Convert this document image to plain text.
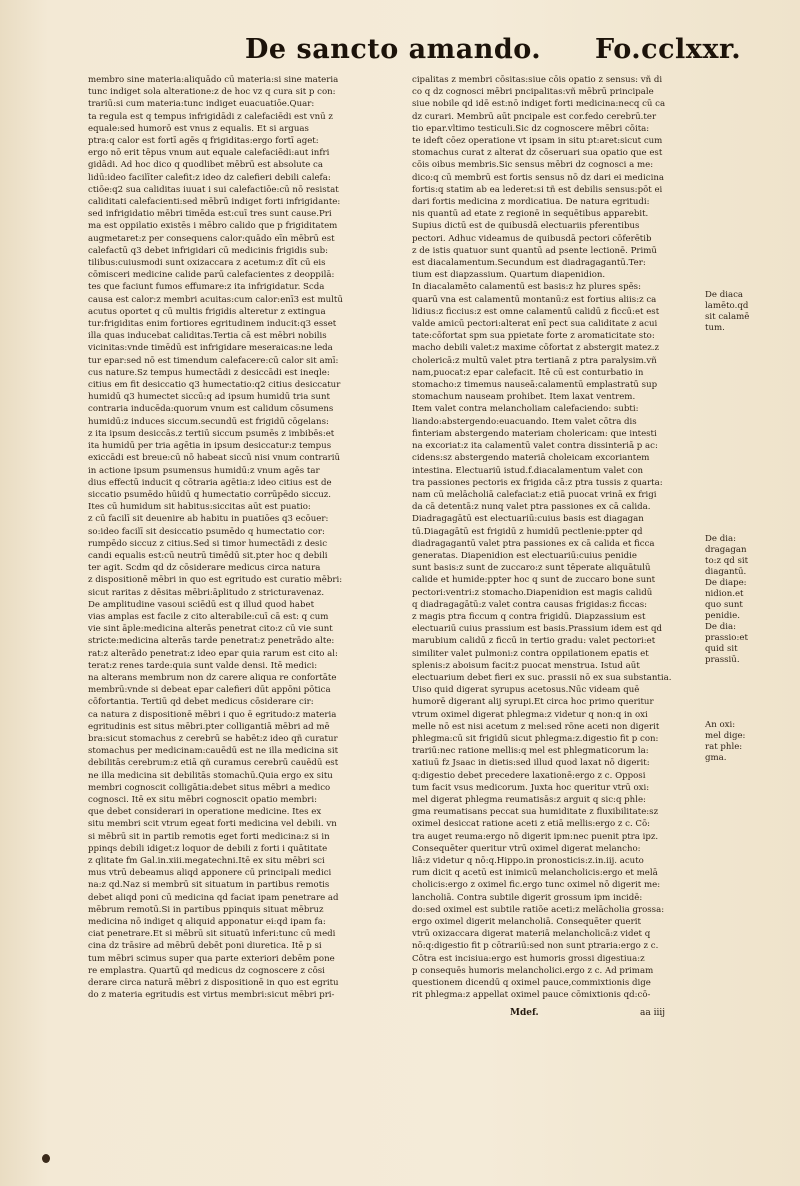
De sancto amando. Fo.cclxxr.
membro sine materia:aliquādo cū materia:si sine materia
tunc indiget sola alteratione:z de hoc vz q cura sit p con:
trariū:si cum materia:tunc indiget euacuatiōe.Quar:
ta regula est q tempus infrigidādi z calefaciēdi est vnū z
equale:sed humorō est vnus z equalis. Et si arguas
ptra:q calor est fortī agēs q frigiditas:ergo fortī aget:
ergo nō erit tēpus vnum aut equale calefaciēdi:aut infri
gidādi. Ad hoc dico q quodlibet mēbrū est absolute ca
lidū:ideo facilīter calefit:z ideo dz calefieri debili calefa:
ctiōe:q2 sua caliditas iuuat i sui calefactiōe:cū nō resistat
caliditati calefacienti:sed mēbrū indiget forti infrigidante:
sed infrigidatio mēbri timēda est:cuī tres sunt cause.Pri
ma est oppilatio existēs i mēbro calido que p frigiditatem
augmetaret:z per consequens calor:quādo eīn mēbrū est
calefactū q3 debet infrigidari cū medicinis frigidis sub:
tilibus:cuiusmodi sunt oxizaccara z acetum:z dīt cū eis
cōmisceri medicine calide parū calefacientes z deoppilā:
tes que faciunt fumos effumare:z ita infrigidatur. Scda
causa est calor:z membri acuitas:cum calor:enī3 est multū
acutus oportet q cū multis frigidis alteretur z extingua
tur:frigiditas enim fortiores egritudinem inducit:q3 esset
illa quas inducebat caliditas.Tertia cā est mēbri nobilis
vicinitas:vnde timēdū est infrigidare meseraicas:ne leda
tur epar:sed nō est timendum calefacere:cū calor sit amī:
cus nature.Sz tempus humectādi z desiccādi est ineqle:
citius em fit desiccatio q3 humectatio:q2 citius desiccatur
humidū q3 humectet siccū:q ad ipsum humidū tria sunt
contraria inducēda:quorum vnum est calidum cōsumens
humidū:z induces siccum.secundū est frigidū cōgelans:
z ita ipsum desiccās.z tertiū siccum psumēs z imbibēs:et
ita humidū per tria agētia in ipsum desiccatur:z tempus
exiccādi est breue:cū nō habeat siccū nisi vnum contrariū
in actione ipsum psumensus humidū:z vnum agēs tar
dius effectū inducit q cōtraria agētia:z ideo citius est de
siccatio psumēdo hūidū q humectatio corrūpēdo siccuz.
Ites cū humidum sit habitus:siccitas aūt est puatio:
z cū facilī sit deuenire ab habitu in puatiōes q3 ecōuer:
so:ideo facilī sit desiccatio psumēdo q humectatio cor:
rumpēdo siccuz z citius.Sed si timor humectādi z desic
candi equalis est:cū neutrū timēdū sit.pter hoc q debili
ter agit. Scdm qd dz cōsiderare medicus circa natura
z dispositionē mēbri in quo est egritudo est curatio mēbri:
sicut raritas z dēsitas mēbri:āplitudo z stricturavenaz.
De amplitudine vasoui sciēdū est q illud quod habet
vias amplas est facile z cito alterabile:cuī cā est: q cum
vie sint āple:medicina alterās penetrat cito:z cū vie sunt
stricte:medicina alterās tarde penetrat:z penetrādo alte:
rat:z alterādo penetrat:z ideo epar quia rarum est cito al:
terat:z renes tarde:quia sunt valde densi. Itē medici:
na alterans membrum non dz carere aliqua re confortāte
membrū:vnde si debeat epar calefieri dūt appōni pōtica
cōfortantia. Tertiū qd debet medicus cōsiderare cir:
ca natura z dispositionē mēbri i quo ē egritudo:z materia
egritudinis est situs mēbri.pter colligantiā mēbri ad mē
bra:sicut stomachus z cerebrū se habēt:z ideo qñ curatur
stomachus per medicinam:cauēdū est ne illa medicina sit
debilitās cerebrum:z etiā qñ curamus cerebrū cauēdū est
ne illa medicina sit debilitās stomachū.Quia ergo ex situ
membri cognoscit colligātia:debet situs mēbri a medico
cognosci. Itē ex situ mēbri cognoscit opatio membri:
que debet considerari in operatione medicine. Ites ex
situ membri scit vtrum egeat forti medicina vel debili. vn
si mēbrū sit in partib remotis eget forti medicina:z si in
ppinqs debili idiget:z loquor de debili z forti i quātitate
z qlitate fm Gal.in.xiii.megatechni.Itē ex situ mēbri sci
mus vtrū debeamus aliqd apponere cū principali medici
na:z qd.Naz si membrū sit situatum in partibus remotis
debet aliqd poni cū medicina qd faciat ipam penetrare ad
mēbrum remotū.Si in partibus ppinquis situat mēbruz
medicina nō indiget q aliquid apponatur ei:qd ipam fa:
ciat penetrare.Et si mēbrū sit situatū inferi:tunc cū medi
cina dz trāsire ad mēbrū debēt poni diuretica. Itē p si
tum mēbri scimus super qua parte exteriori debēm pone
re emplastra. Quartū qd medicus dz cognoscere z cōsi
derare circa naturā mēbri z dispositionē in quo est egritu
do z materia egritudis est virtus membri:sicut mēbri pri-
cipalitas z membri cōsitas:siue cōis opatio z sensus: vñ di
co q dz cognosci mēbri pncipalitas:vñ mēbrū principale
siue nobile qd idē est:nō indiget forti medicina:necq cū ca
dz curari. Membrū aūt pncipale est cor.fedo cerebrū.ter
tio epar.vltimo testiculi.Sic dz cognoscere mēbri cōita:
te ideft cōez operatione vt ipsam in situ pt:aret:sicut cum
stomachus curat z alterat dz cōseruari sua opatio que est
cōis oibus membris.Sic sensus mēbri dz cognosci a me:
dico:q cū membrū est fortis sensus nō dz dari ei medicina
fortis:q statim ab ea lederet:si tñ est debilis sensus:pōt ei
dari fortis medicina z mordicatiua. De natura egritudi:
nis quantū ad etate z regionē in sequētibus apparebit.
Supius dictū est de quibusdā electuariis pferentibus
pectori. Adhuc videamus de quibusdā pectori cōferētib
z de istis quatuor sunt quantū ad psente lectionē. Primū
est diacalamentum.Secundum est diadragagantū.Ter:
tium est diapzassium. Quartum diapenidion.
In diacalamēto calamentū est basis:z hz plures spēs:
quarū vna est calamentū montanū:z est fortius aliis:z ca
lidius:z ficcius:z est omne calamentū calidū z ficcū:et est
valde amicū pectori:alterat enī pect sua caliditate z acui
tate:cōfortat spm sua ppietate forte z aromaticitate sto:
macho debili valet:z maxime cōfortat z abstergit matez.z
cholericā:z multū valet ptra tertianā z ptra paralysim.vñ
nam,puocat:z epar calefacit. Itē cū est conturbatio in
stomacho:z timemus nauseā:calamentū emplastratū sup
stomachum nauseam prohibet. Item laxat ventrem.
Item valet contra melancholiam calefaciendo: subti:
liando:abstergendo:euacuando. Item valet cōtra dis
finteriam abstergendo materiam cholericam: que intesti
na excoriat:z ita calamentū valet contra dissinteriā p ac:
cidens:sz abstergendo materiā choleicam excoriantem
intestina. Electuariū istud.f.diacalamentum valet con
tra passiones pectoris ex frigida cā:z ptra tussis z quarta:
nam cū melācholiā calefaciat:z etiā puocat vrinā ex frigi
da cā detentā:z nunq valet ptra passiones ex cā calida.
Diadragagātū est electuariū:cuius basis est diagagan
tū.Diagagātū est frigidū z humidū pectlenie:ppter qd
diadragagantū valet ptra passiones ex cā calida et ficca
generatas. Diapenidion est electuariū:cuius penidie
sunt basis:z sunt de zuccaro:z sunt tēperate aliquātulū
calide et humide:ppter hoc q sunt de zuccaro bone sunt
pectori:ventri:z stomacho.Diapenidion est magis calidū
q diadragagātū:z valet contra causas frigidas:z ficcas:
z magis ptra ficcum q contra frigidū. Diapzassium est
electuariū cuius prassium est basis.Prassium idem est qd
marubium calidū z ficcū in tertio gradu: valet pectori:et
similiter valet pulmoni:z contra oppilationem epatis et
splenis:z aboisum facit:z puocat menstrua. Istud aūt
electuarium debet fieri ex suc. prassii nō ex sua substantia.
Uiso quid digerat syrupus acetosus.Nūc videam quē
humorē digerant alij syrupi.Et circa hoc primo queritur
vtrum oximel digerat phlegma:z videtur q non:q in oxi
melle nō est nisi acetum z mel:sed rōne aceti non digerit
phlegma:cū sit frigidū sicut phlegma:z.digestio fit p con:
trariū:nec ratione mellis:q mel est phlegmaticorum la:
xatiuū fz Jsaac in dietis:sed illud quod laxat nō digerit:
q:digestio debet precedere laxationē:ergo z c. Opposi
tum facit vsus medicorum. Juxta hoc queritur vtrū oxi:
mel digerat phlegma reumatisās:z arguit q sic:q phle:
gma reumatisans peccat sua humiditate z fluxibilitate:sz
oximel desiccat ratione aceti z etiā mellis:ergo z c. Cō:
tra auget reuma:ergo nō digerit ipm:nec puenit ptra ipz.
Consequēter queritur vtrū oximel digerat melancho:
liā:z videtur q nō:q.Hippo.in pronosticis:z.in.iij. acuto
rum dicit q acetū est inimicū melancholicis:ergo et melā
cholicis:ergo z oximel fic.ergo tunc oximel nō digerit me:
lancholiā. Contra subtile digerit grossum ipm incidē:
do:sed oximel est subtile ratiōe aceti:z melācholia grossa:
ergo oximel digerit melancholiā. Consequēter querit
vtrū oxizaccara digerat materiā melancholicā:z videt q
nō:q:digestio fit p cōtrariū:sed non sunt ptraria:ergo z c.
Cōtra est incisiua:ergo est humoris grossi digestiua:z
p consequēs humoris melancholici.ergo z c. Ad primam
questionem dicendū q oximel pauce,commixtionis dige
rit phlegma:z appellat oximel pauce cōmixtionis qd:cō-
De diaca
lamēto.qd
sit calamē
tum.
De dia:
dragagan
to:z qd sit
diagantū.
De diape:
nidion.et
quo sunt
penidie.
De dia:
prassio:et
quid sit
prassiū.
An oxi:
mel dige:
rat phle:
gma.
Mdef.	aa iiij
